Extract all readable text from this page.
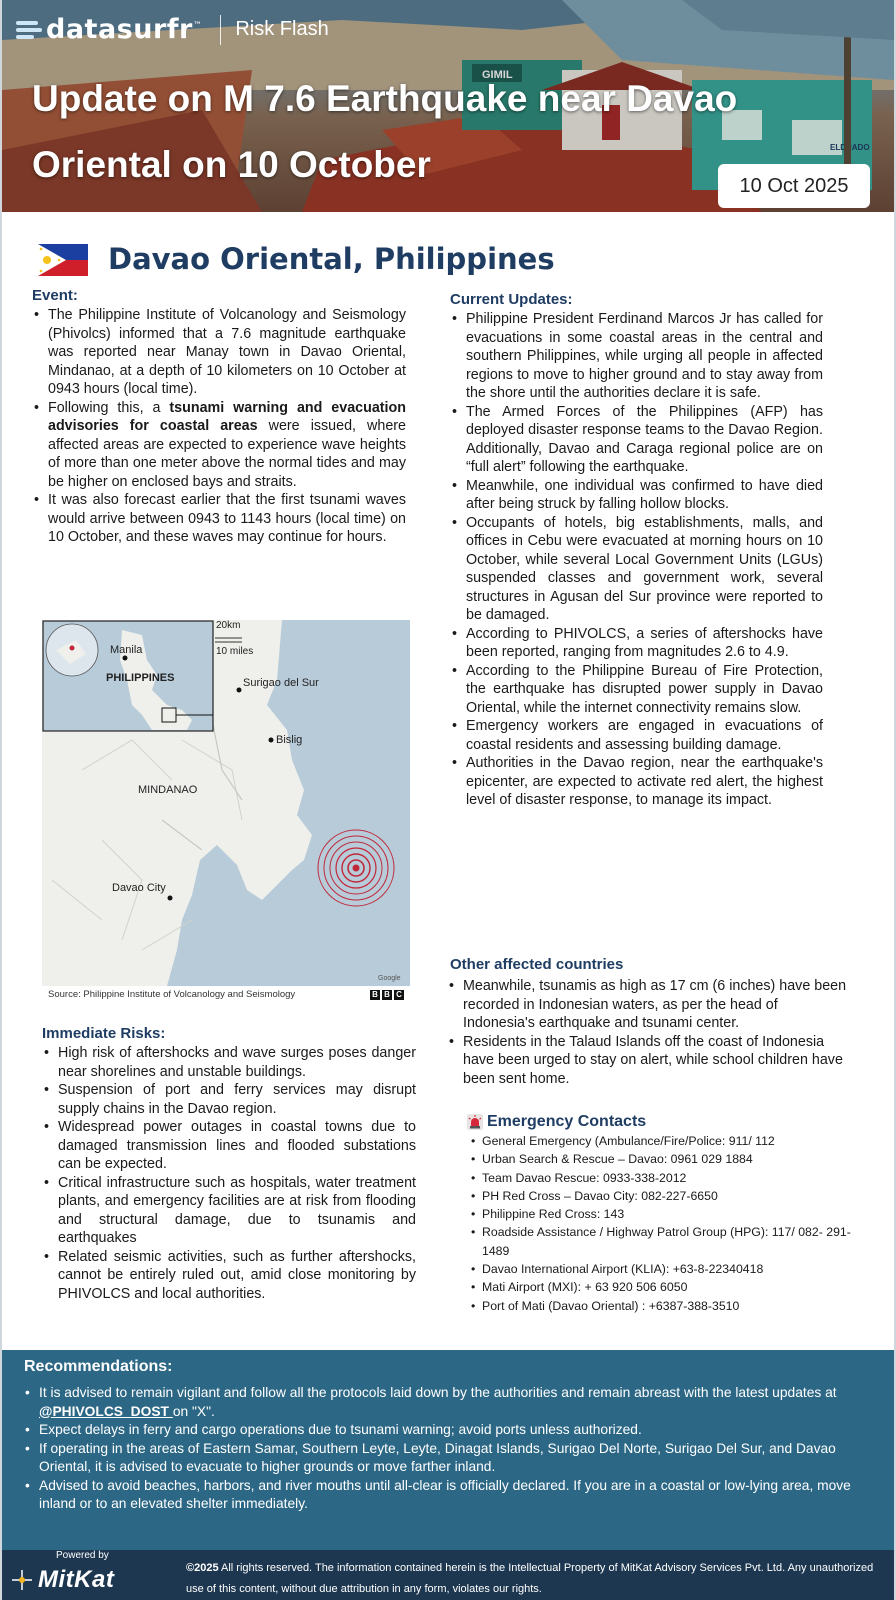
datasurfr™ Risk Flash
Update on M 7.6 Earthquake near Davao Oriental on 10 October
10 Oct 2025
Davao Oriental, Philippines
Event:
• The Philippine Institute of Volcanology and Seismology (Phivolcs) informed that a 7.6 magnitude earthquake was reported near Manay town in Davao Oriental, Mindanao, at a depth of 10 kilometers on 10 October at 0943 hours (local time).
• Following this, a tsunami warning and evacuation advisories for coastal areas were issued, where affected areas are expected to experience wave heights of more than one meter above the normal tides and may be higher on enclosed bays and straits.
• It was also forecast earlier that the first tsunami waves would arrive between 0943 to 1143 hours (local time) on 10 October, and these waves may continue for hours.
Manila
PHILIPPINES
20km
10 miles
Surigao del Sur
Bislig
MINDANAO
Davao City
Google
Source: Philippine Institute of Volcanology and Seismology	B B C
Immediate Risks:
• High risk of aftershocks and wave surges poses danger near shorelines and unstable buildings.
• Suspension of port and ferry services may disrupt supply chains in the Davao region.
• Widespread power outages in coastal towns due to damaged transmission lines and flooded substations can be expected.
• Critical infrastructure such as hospitals, water treatment plants, and emergency facilities are at risk from flooding and structural damage, due to tsunamis and earthquakes
• Related seismic activities, such as further aftershocks, cannot be entirely ruled out, amid close monitoring by PHIVOLCS and local authorities.
Current Updates:
• Philippine President Ferdinand Marcos Jr has called for evacuations in some coastal areas in the central and southern Philippines, while urging all people in affected regions to move to higher ground and to stay away from the shore until the authorities declare it is safe.
• The Armed Forces of the Philippines (AFP) has deployed disaster response teams to the Davao Region. Additionally, Davao and Caraga regional police are on “full alert” following the earthquake.
• Meanwhile, one individual was confirmed to have died after being struck by falling hollow blocks.
• Occupants of hotels, big establishments, malls, and offices in Cebu were evacuated at morning hours on 10 October, while several Local Government Units (LGUs) suspended classes and government work, several structures in Agusan del Sur province were reported to be damaged.
• According to PHIVOLCS, a series of aftershocks have been reported, ranging from magnitudes 2.6 to 4.9.
• According to the Philippine Bureau of Fire Protection, the earthquake has disrupted power supply in Davao Oriental, while the internet connectivity remains slow.
• Emergency workers are engaged in evacuations of coastal residents and assessing building damage.
• Authorities in the Davao region, near the earthquake's epicenter, are expected to activate red alert, the highest level of disaster response, to manage its impact.
Other affected countries
• Meanwhile, tsunamis as high as 17 cm (6 inches) have been recorded in Indonesian waters, as per the head of Indonesia's earthquake and tsunami center.
• Residents in the Talaud Islands off the coast of Indonesia have been urged to stay on alert, while school children have been sent home.
Emergency Contacts
• General Emergency (Ambulance/Fire/Police: 911/ 112
• Urban Search & Rescue – Davao: 0961 029 1884
• Team Davao Rescue: 0933-338-2012
• PH Red Cross – Davao City: 082-227-6650
• Philippine Red Cross: 143
• Roadside Assistance / Highway Patrol Group (HPG): 117/ 082- 291-1489
• Davao International Airport (KLIA): +63-8-22340418
• Mati Airport (MXI): + 63 920 506 6050
• Port of Mati (Davao Oriental) : +6387-388-3510
Recommendations:
• It is advised to remain vigilant and follow all the protocols laid down by the authorities and remain abreast with the latest updates at @PHIVOLCS_DOST on "X".
• Expect delays in ferry and cargo operations due to tsunami warning; avoid ports unless authorized.
• If operating in the areas of Eastern Samar, Southern Leyte, Leyte, Dinagat Islands, Surigao Del Norte, Surigao Del Sur, and Davao Oriental, it is advised to evacuate to higher grounds or move farther inland.
• Advised to avoid beaches, harbors, and river mouths until all-clear is officially declared. If you are in a coastal or low-lying area, move inland or to an elevated shelter immediately.
Powered by
MitKat	©2025 All rights reserved. The information contained herein is the Intellectual Property of MitKat Advisory Services Pvt. Ltd. Any unauthorized use of this content, without due attribution in any form, violates our rights.
